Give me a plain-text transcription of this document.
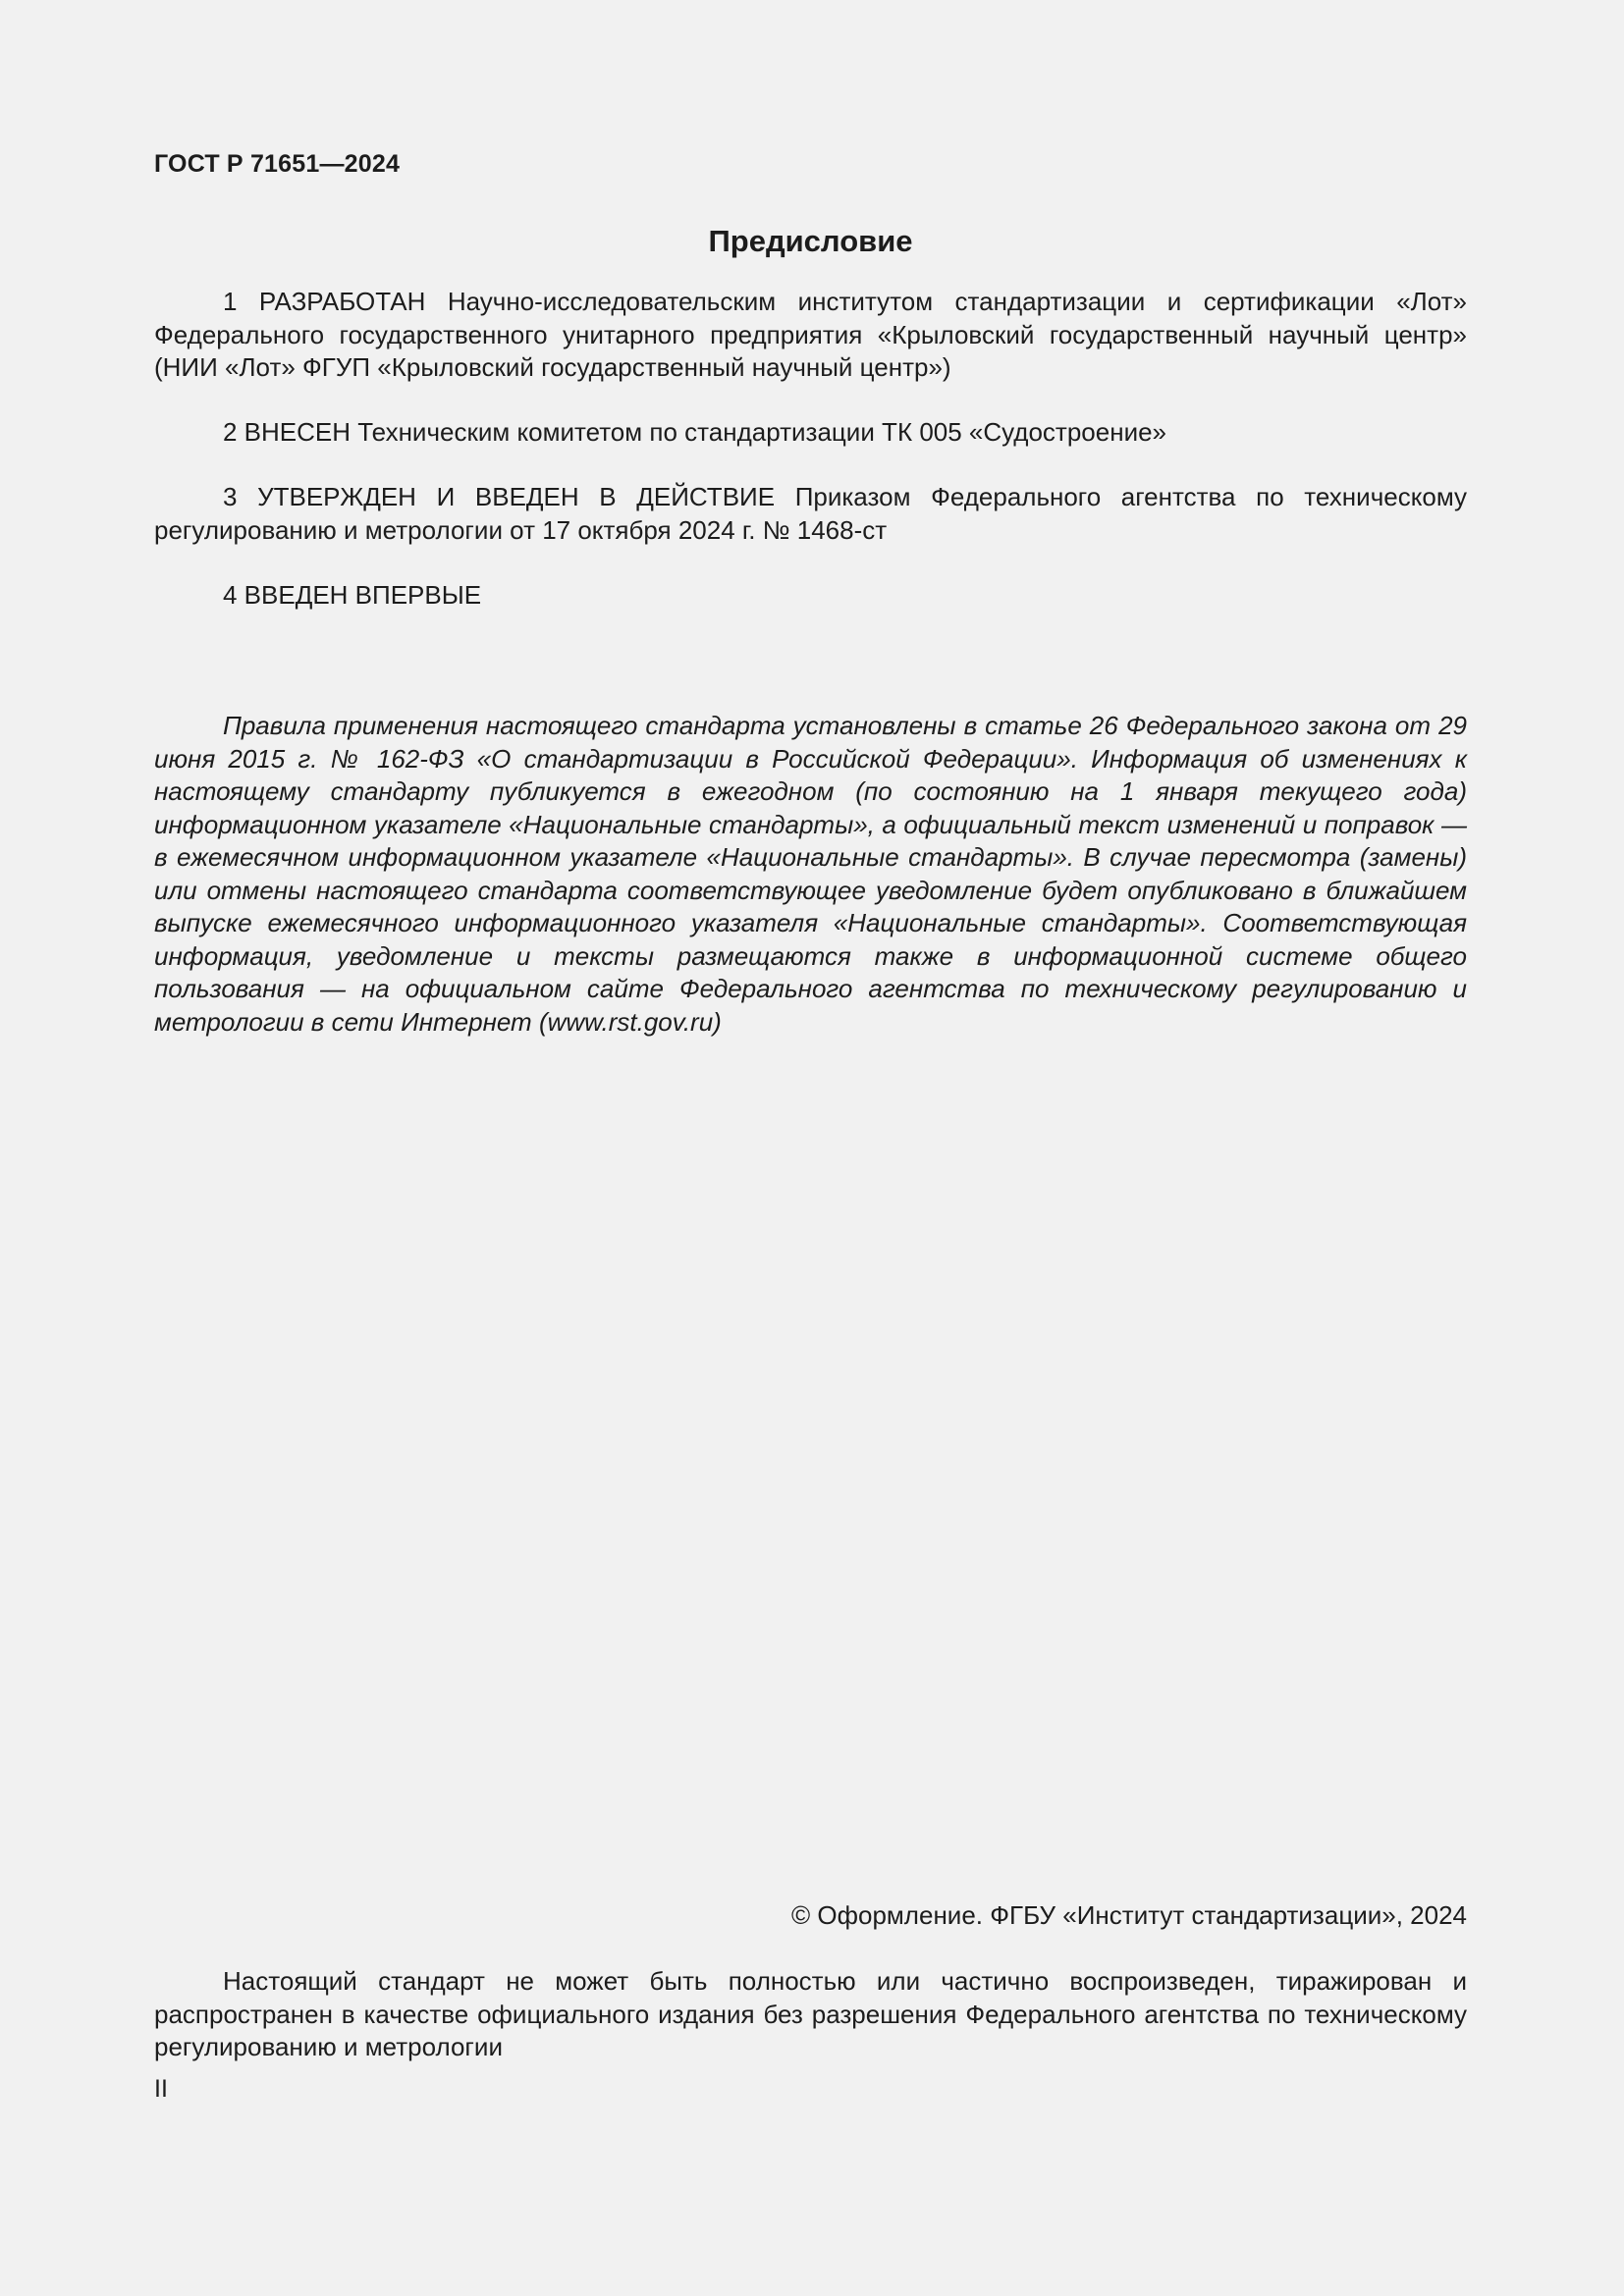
ГОСТ Р 71651—2024
Предисловие

1 РАЗРАБОТАН Научно-исследовательским институтом стандартизации и сертификации «Лот» Федерального государственного унитарного предприятия «Крыловский государственный научный центр» (НИИ «Лот» ФГУП «Крыловский государственный научный центр»)

2 ВНЕСЕН Техническим комитетом по стандартизации ТК 005 «Судостроение»

3 УТВЕРЖДЕН И ВВЕДЕН В ДЕЙСТВИЕ Приказом Федерального агентства по техническому регулированию и метрологии от 17 октября 2024 г. № 1468-ст

4 ВВЕДЕН ВПЕРВЫЕ

Правила применения настоящего стандарта установлены в статье 26 Федерального закона от 29 июня 2015 г. № 162-ФЗ «О стандартизации в Российской Федерации». Информация об изменениях к настоящему стандарту публикуется в ежегодном (по состоянию на 1 января текущего года) информационном указателе «Национальные стандарты», а официальный текст изменений и поправок — в ежемесячном информационном указателе «Национальные стандарты». В случае пересмотра (замены) или отмены настоящего стандарта соответствующее уведомление будет опубликовано в ближайшем выпуске ежемесячного информационного указателя «Национальные стандарты». Соответствующая информация, уведомление и тексты размещаются также в информационной системе общего пользования — на официальном сайте Федерального агентства по техническому регулированию и метрологии в сети Интернет (www.rst.gov.ru)

© Оформление. ФГБУ «Институт стандартизации», 2024

Настоящий стандарт не может быть полностью или частично воспроизведен, тиражирован и распространен в качестве официального издания без разрешения Федерального агентства по техническому регулированию и метрологии

II
